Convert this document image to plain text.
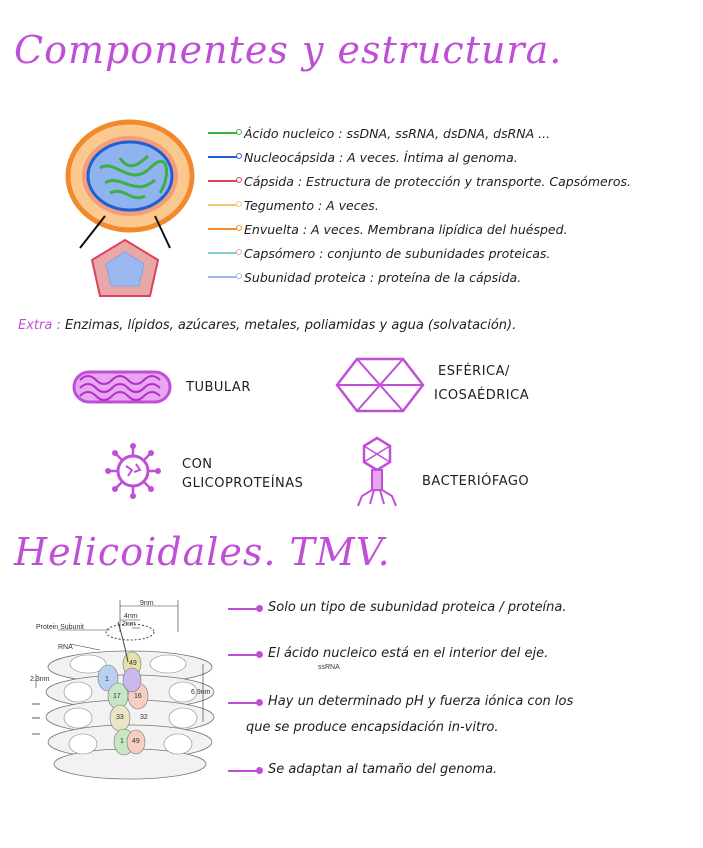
Componentes y estructura.
Ácido nucleico : ssDNA, ssRNA, dsDNA, dsRNA ...
Nucleocápsida : A veces. Íntima al genoma.
Cápsida : Estructura de protección y transporte. Capsómeros.
Tegumento : A veces.
Envuelta : A veces. Membrana lipídica del huésped.
Capsómero : conjunto de subunidades proteicas.
Subunidad proteica : proteína de la cápsida.
Extra : Enzimas, lípidos, azúcares, metales, poliamidas y agua (solvatación).
TUBULAR
ESFÉRICA/
ICOSAÉDRICA
CON
GLICOPROTEÍNAS	BACTERIÓFAGO
Helicoidales. TMV.
9nm
4nm
2nm
Protein Subunit
RNA
2.3nm
6.9nm
1
49
17 16
33 32
1 49
Solo un tipo de subunidad proteica / proteína.
El ácido nucleico está en el interior del eje.
ssRNA
Hay un determinado pH y fuerza iónica con los
que se produce encapsidación in-vitro.
Se adaptan al tamaño del genoma.
